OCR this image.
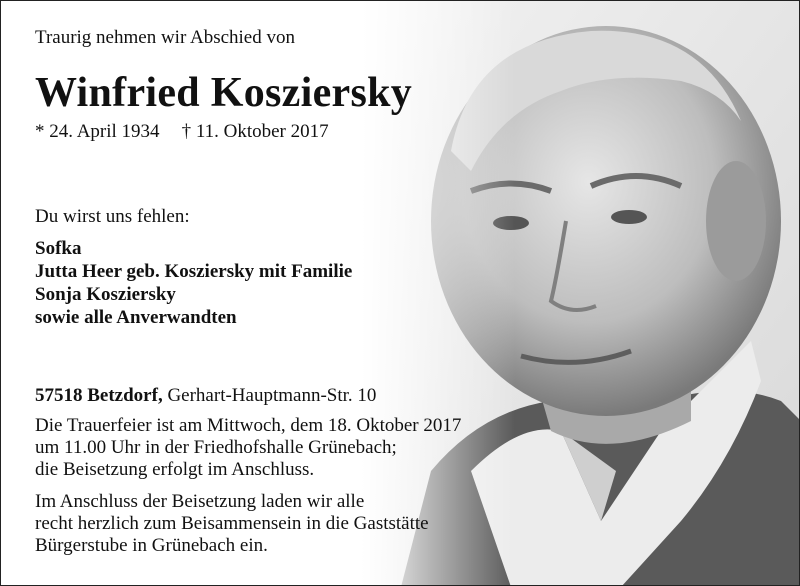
Traurig nehmen wir Abschied von
Winfried Kosziersky
* 24. April 1934 † 11. Oktober 2017
Du wirst uns fehlen:
Sofka
Jutta Heer geb. Kosziersky mit Familie
Sonja Kosziersky
sowie alle Anverwandten
57518 Betzdorf, Gerhart-Hauptmann-Str. 10
Die Trauerfeier ist am Mittwoch, dem 18. Oktober 2017
um 11.00 Uhr in der Friedhofshalle Grünebach;
die Beisetzung erfolgt im Anschluss.
Im Anschluss der Beisetzung laden wir alle
recht herzlich zum Beisammensein in die Gaststätte
Bürgerstube in Grünebach ein.
